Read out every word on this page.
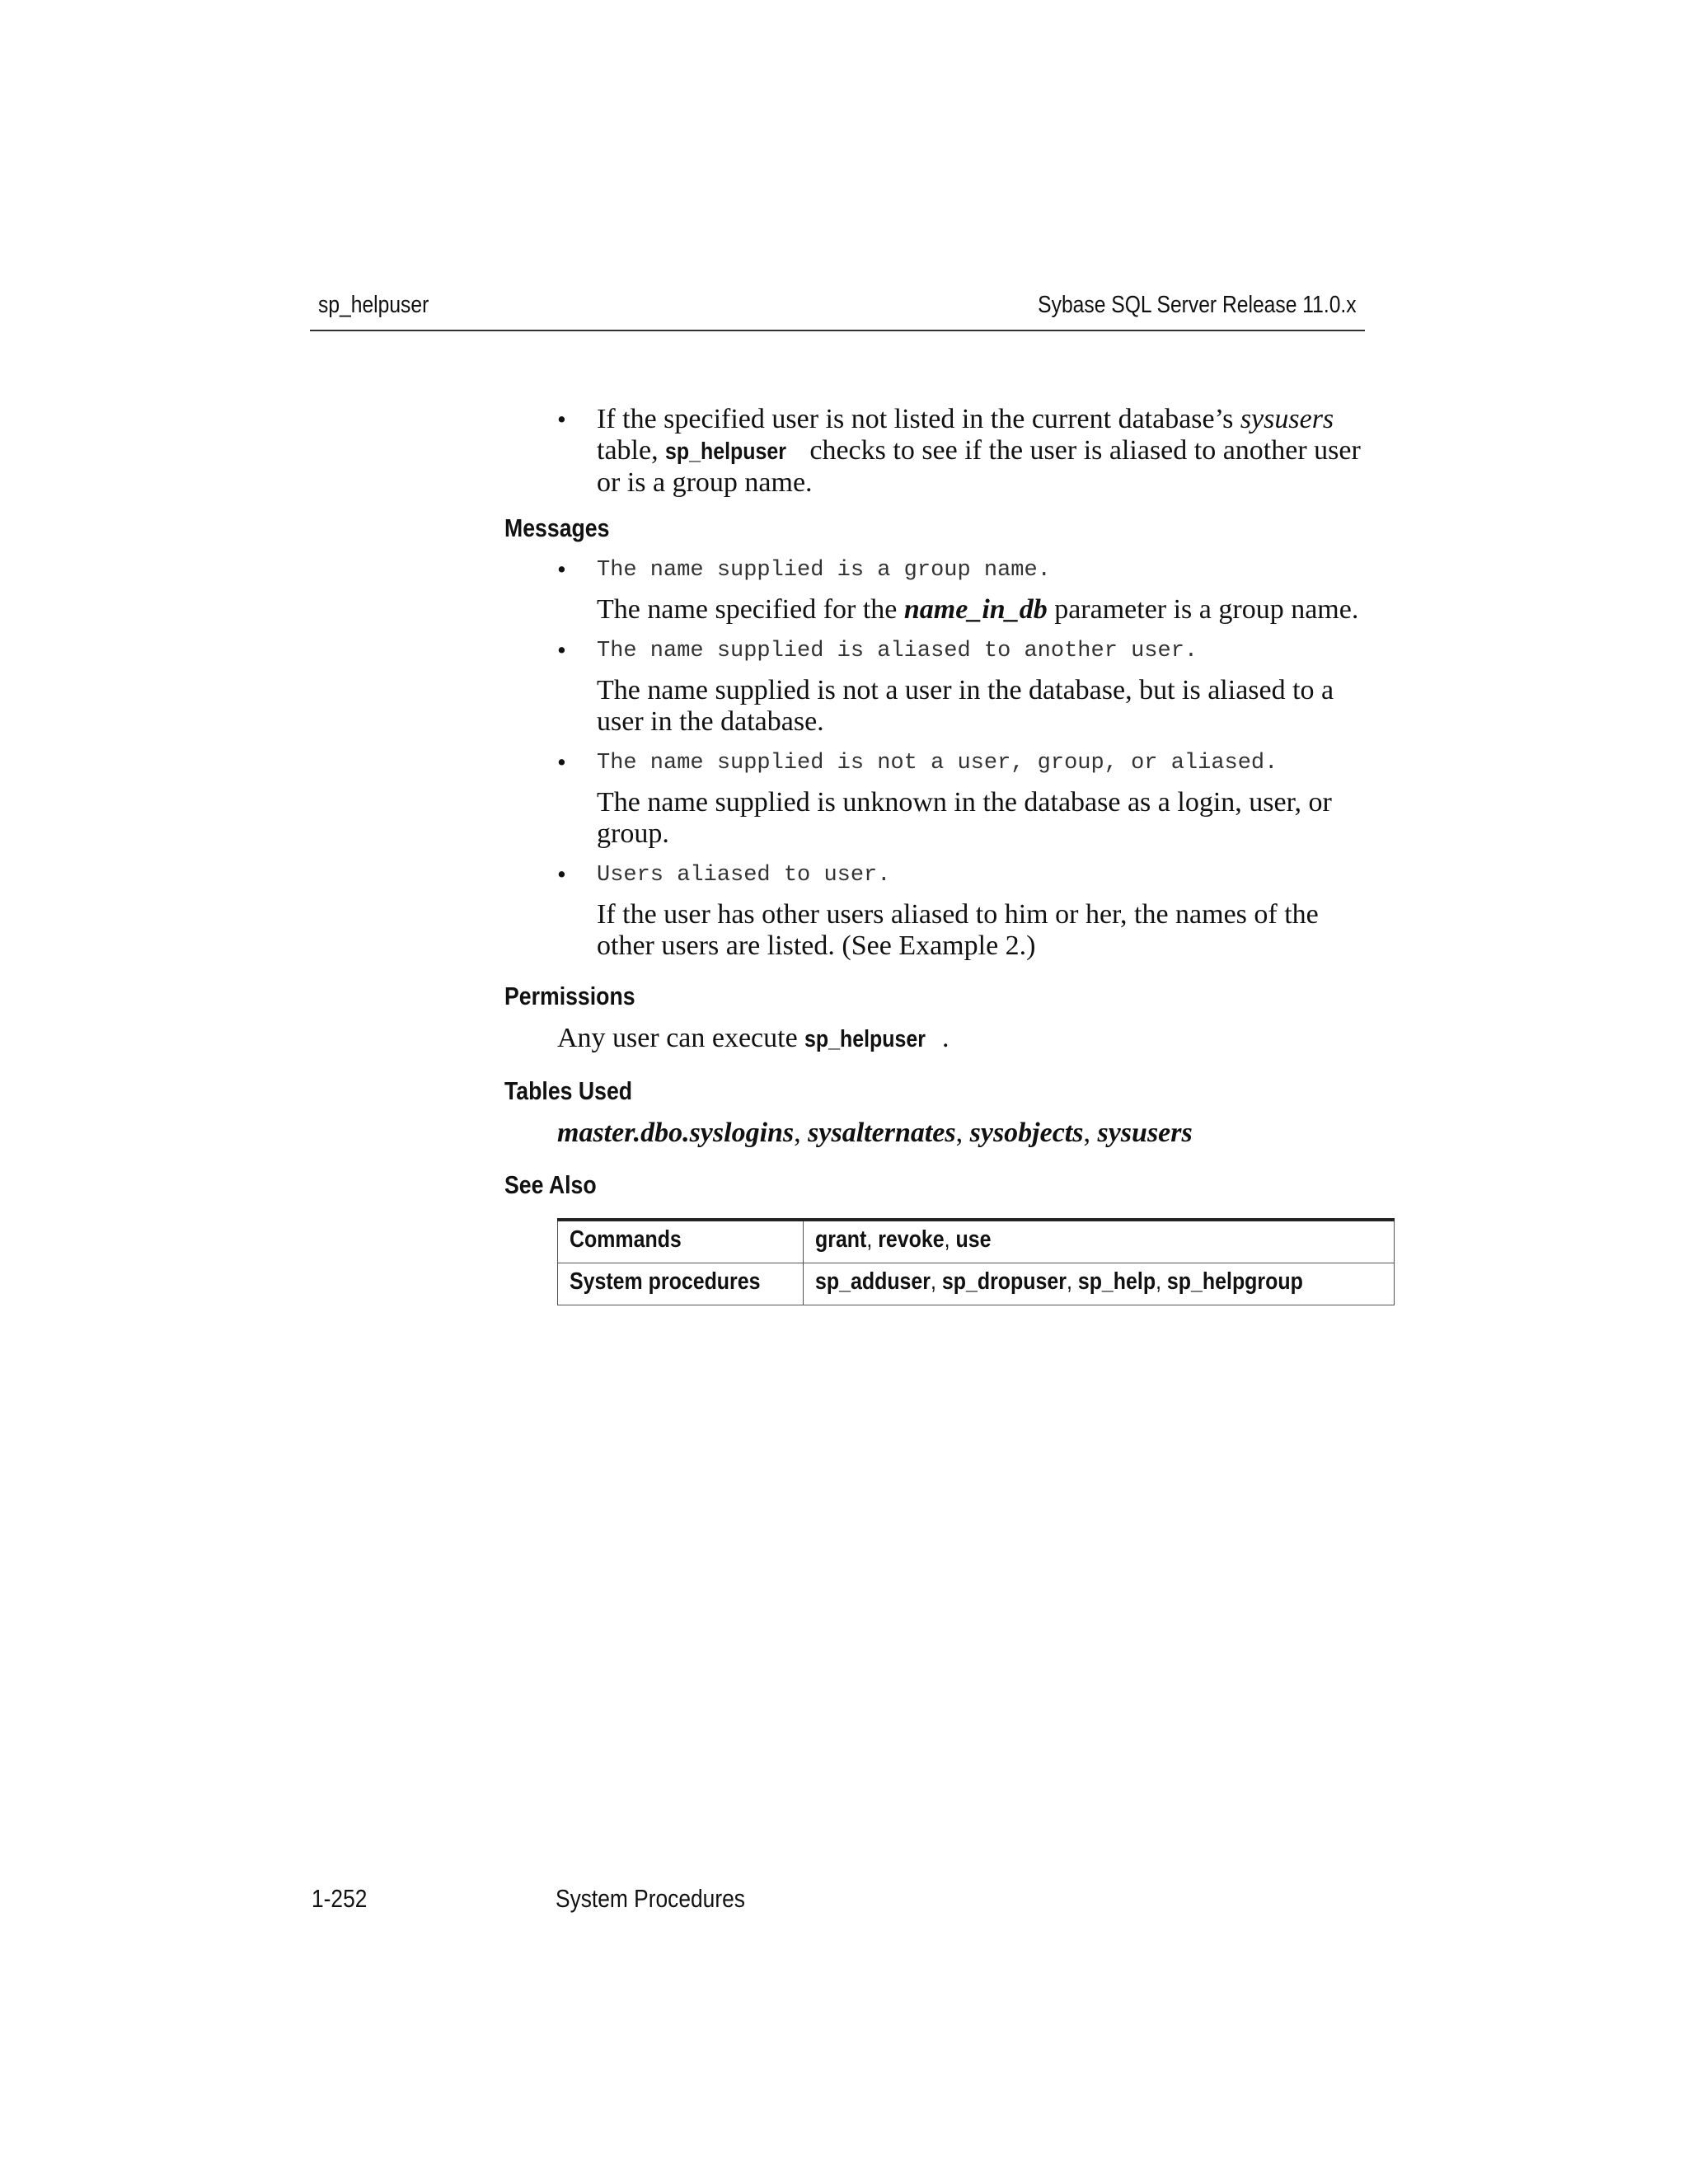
sp_helpuser	Sybase SQL Server Release 11.0.x
• If the specified user is not listed in the current database’s sysusers table, sp_helpuser checks to see if the user is aliased to another user or is a group name.
Messages
• The name supplied is a group name.
The name specified for the name_in_db parameter is a group name.
• The name supplied is aliased to another user.
The name supplied is not a user in the database, but is aliased to a user in the database.
• The name supplied is not a user, group, or aliased.
The name supplied is unknown in the database as a login, user, or group.
• Users aliased to user.
If the user has other users aliased to him or her, the names of the other users are listed. (See Example 2.)
Permissions
Any user can execute sp_helpuser .
Tables Used
master.dbo.syslogins, sysalternates, sysobjects, sysusers
See Also
Commands	grant, revoke, use
System procedures	sp_adduser, sp_dropuser, sp_help, sp_helpgroup
1-252	System Procedures
